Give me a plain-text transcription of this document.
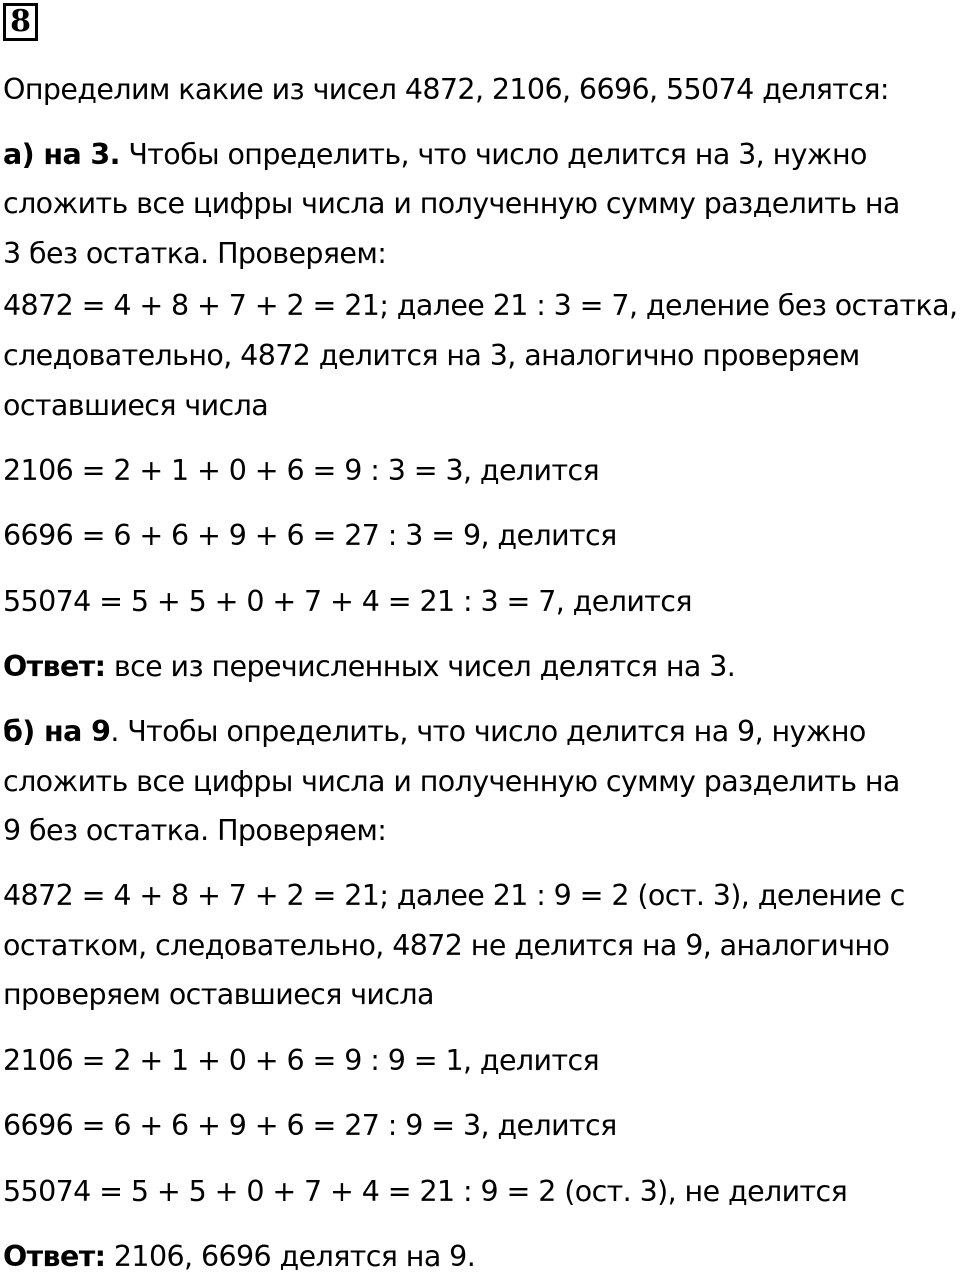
8
Определим какие из чисел 4872, 2106, 6696, 55074 делятся:
а) на 3. Чтобы определить, что число делится на 3, нужно
сложить все цифры числа и полученную сумму разделить на
3 без остатка. Проверяем:
4872 = 4 + 8 + 7 + 2 = 21; далее 21 : 3 = 7, деление без остатка,
следовательно, 4872 делится на 3, аналогично проверяем
оставшиеся числа
2106 = 2 + 1 + 0 + 6 = 9 : 3 = 3, делится
6696 = 6 + 6 + 9 + 6 = 27 : 3 = 9, делится
55074 = 5 + 5 + 0 + 7 + 4 = 21 : 3 = 7, делится
Ответ: все из перечисленных чисел делятся на 3.
б) на 9. Чтобы определить, что число делится на 9, нужно
сложить все цифры числа и полученную сумму разделить на
9 без остатка. Проверяем:
4872 = 4 + 8 + 7 + 2 = 21; далее 21 : 9 = 2 (ост. 3), деление с
остатком, следовательно, 4872 не делится на 9, аналогично
проверяем оставшиеся числа
2106 = 2 + 1 + 0 + 6 = 9 : 9 = 1, делится
6696 = 6 + 6 + 9 + 6 = 27 : 9 = 3, делится
55074 = 5 + 5 + 0 + 7 + 4 = 21 : 9 = 2 (ост. 3), не делится
Ответ: 2106, 6696 делятся на 9.
